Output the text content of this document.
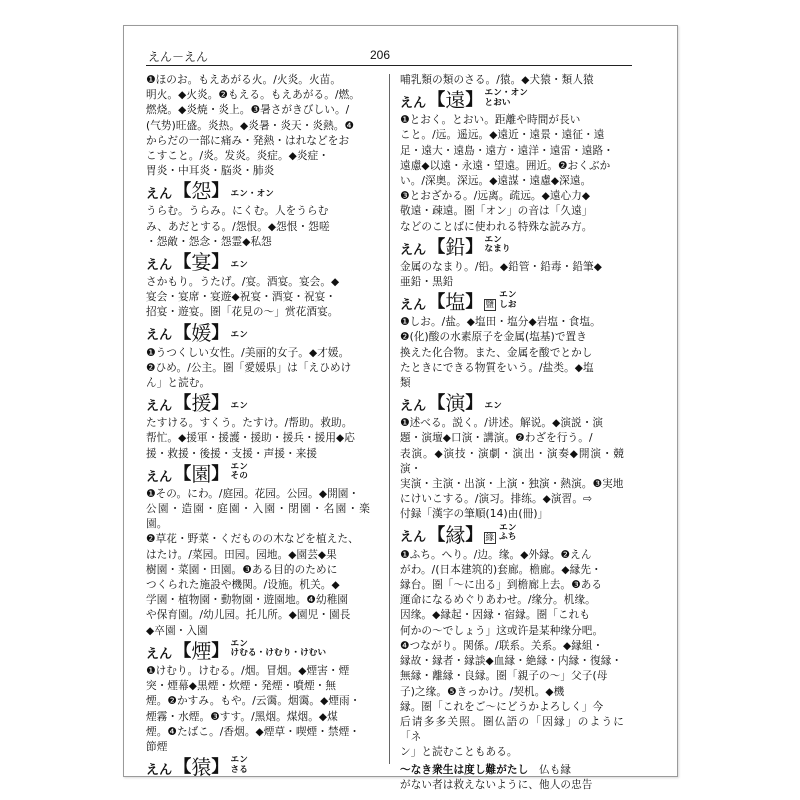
えん－えん	206

❶ほのお。もえあがる火。/火炎。火苗。

明火。◆火炎。❷もえる。もえあがる。/燃。

燃烧。◆炎焼・炎上。❸暑さがきびしい。/

(气势)旺盛。炎热。◆炎暑・炎天・炎熱。❹

からだの一部に痛み・発熱・はれなどをお

こすこと。/炎。发炎。炎症。◆炎症・

胃炎・中耳炎・脳炎・肺炎

えん 【 怨 】 エン・オン

うらむ。うらみ。にくむ。人をうらむ

み、あだとする。/怨恨。◆怨恨・怨嗟

・怨敵・怨念・怨霊◆私怨

えん 【 宴 】 エン

さかもり。うたげ。/宴。酒宴。宴会。◆

宴会・宴席・宴遊◆祝宴・酒宴・祝宴・

招宴・遊宴。圏「花見の～」赏花酒宴。

えん 【 媛 】 エン

❶うつくしい女性。/美丽的女子。◆才媛。

❷ひめ。/公主。圏「愛媛県」は「えひめけ

ん」と読む。

えん 【 援 】 エン

たすける。すくう。たすけ。/帮助。救助。

帮忙。◆援軍・援護・援助・援兵・援用◆応

援・救援・後援・支援・声援・来援

えん 【 園 】 エン
その

❶その。にわ。/庭园。花园。公园。◆開園・

公園・造園・庭園・入園・閉園・名園・楽園。

❷草花・野菜・くだものの木などを植えた、

はたけ。/菜园。田园。园地。◆園芸◆果

樹園・菜園・田園。❸ある目的のために

つくられた施設や機関。/设施。机关。◆

学園・植物園・動物園・遊園地。❹幼稚園

や保育園。/幼儿园。托儿所。◆園児・園長

◆卒園・入園

えん 【 煙 】 エン
けむる・けむり・けむい

❶けむり。けむる。/烟。冒烟。◆煙害・煙

突・煙幕◆黒煙・炊煙・発煙・噴煙・無

煙。❷かすみ。もや。/云霭。烟霭。◆煙雨・

煙霧・水煙。❸すす。/黑烟。煤烟。◆煤

煙。❹たばこ。/香烟。◆煙草・喫煙・禁煙・

節煙

えん 【 猿 】 エン
さる

哺乳類の類のさる。/猿。◆犬猿・類人猿

えん 【 遠 】 エン・オン
とおい

❶とおく。とおい。距離や時間が長い

こと。/远。遥远。◆遠近・遠景・遠征・遠

足・遠大・遠島・遠方・遠洋・遠雷・遠路・

遠慮◆以遠・永遠・望遠。囲近。❷おくぶか

い。/深奥。深远。◆遠謀・遠慮◆深遠。

❸とおざかる。/远离。疏远。◆遠心力◆

敬遠・疎遠。圏「オン」の音は「久遠」

などのことばに使われる特殊な読み方。

えん 【 鉛 】 エン
なまり

金属のなまり。/铅。◆鉛管・鉛毒・鉛筆◆

亜鉛・黒鉛

えん 【 塩 】 鹽
エン
しお

❶しお。/盐。◆塩田・塩分◆岩塩・食塩。

❷(化)酸の水素原子を金属(塩基)で置き

換えた化合物。また、金属を酸でとかし

たときにできる物質をいう。/盐类。◆塩

類

えん 【 演 】 エン

❶述べる。説く。/讲述。解说。◆演説・演

題・演壇◆口演・講演。❷わざを行う。/

表演。◆演技・演劇・演出・演奏◆開演・競演・

実演・主演・出演・上演・独演・熱演。❸実地

にけいこする。/演习。排练。◆演習。⇨

付録「漢字の筆順(14)由(冊)」

えん 【 縁 】 緣
エン
ふち

❶ふち。へり。/边。缘。◆外縁。❷えん

がわ。/(日本建筑的)套廊。檐廊。◆縁先・

縁台。圏「～に出る」到檐廊上去。❸ある

運命になるめぐりあわせ。/缘分。机缘。

因缘。◆縁起・因縁・宿縁。圏「これも

何かの～でしょう」这或许是某种缘分吧。

❹つながり。関係。/联系。关系。◆縁組・

縁故・縁者・縁談◆血縁・絶縁・内縁・復縁・

無縁・離縁・良縁。圏「親子の～」父子(母

子)之缘。❺きっかけ。/契机。◆機

縁。圏「これをご～にどうかよろしく」今

后请多多关照。圏仏語の「因縁」のように「ネ

ン」と読むこともある。

～なき衆生は度し難がたし　 仏も縁

がない者は救えないように、他人の忠告
